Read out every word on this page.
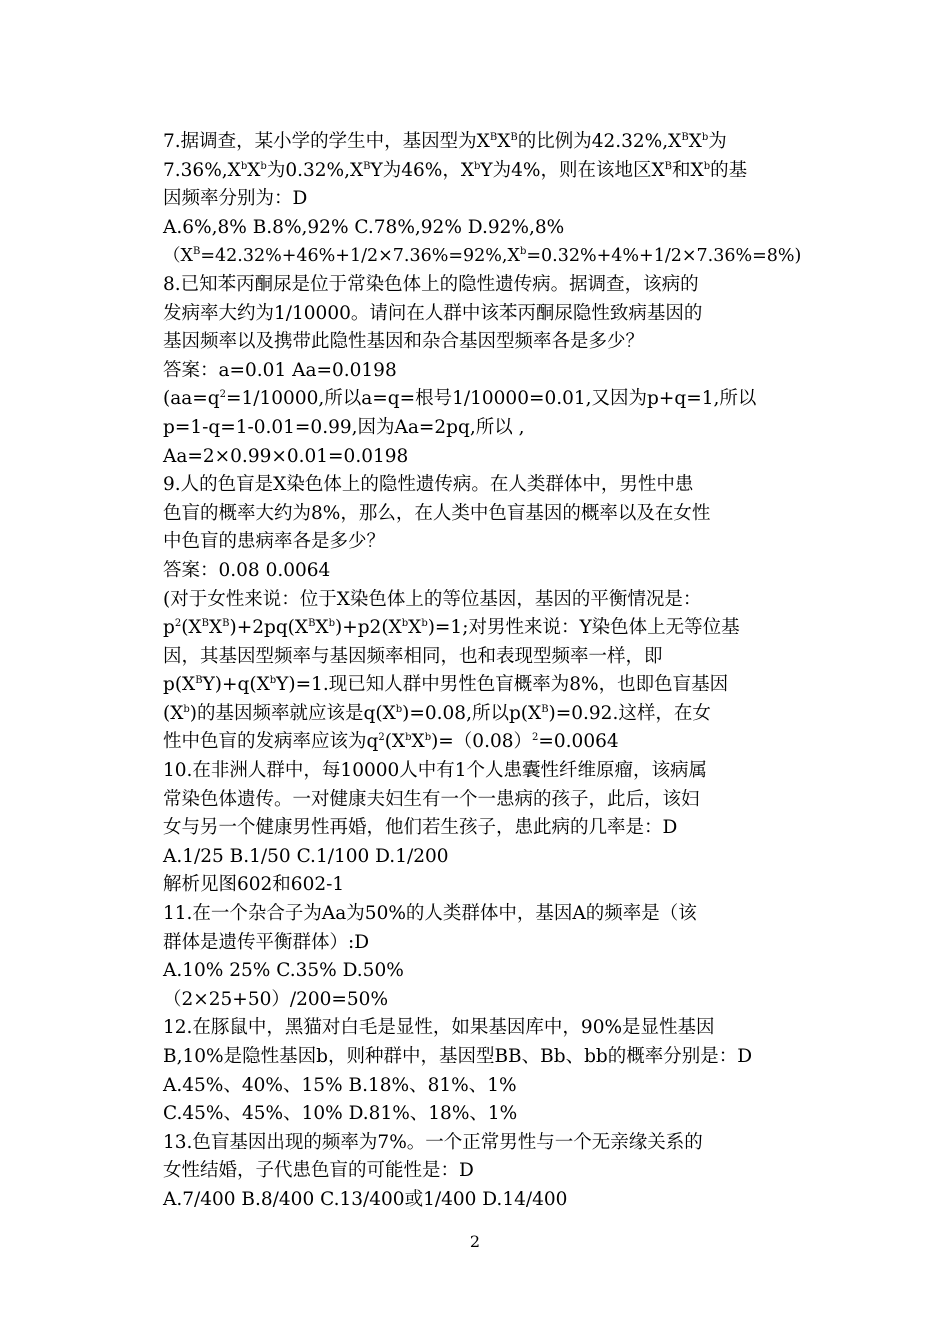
7.据调查，某小学的学生中，基因型为$X^BX^B$的比例为$42.32\%,X^BX^b$为
$7.36\%,X^bX^b$为$0.32\%,X^BY$为46%，$X^bY$为4%，则在该地区$X^B$和$X^b$的基
因频率分别为：D
A.6%,8% B.8%,92% C.78%,92% D.92%,8%
$(X^B=42.32\%+46\%+1/2\times 7.36\%=92\%,X^b=0.32\%+4\%+1/2\times 7.36\%=8\%)$
8.已知苯丙酮尿是位于常染色体上的隐性遗传病。据调查，该病的
发病率大约为1/10000。请问在人群中该苯丙酮尿隐性致病基因的
基因频率以及携带此隐性基因和杂合基因型频率各是多少？
答案：a=0.01 Aa=0.0198
($aa=q^2=1/10000$,所以a=q=根号1/10000=0.01,又因为p+q=1,所以
p=1-q=1-0.01=0.99,因为Aa=2pq,所以 ,
Aa=2×0.99×0.01=0.0198
9.人的色盲是X染色体上的隐性遗传病。在人类群体中，男性中患
色盲的概率大约为8%，那么，在人类中色盲基因的概率以及在女性
中色盲的患病率各是多少？
答案：0.08 0.0064
(对于女性来说：位于X染色体上的等位基因，基因的平衡情况是：
$p^2(X^BX^B)+2pq(X^BX^b)+p2(X^bX^b)=1$;对男性来说：Y染色体上无等位基
因，其基因型频率与基因频率相同，也和表现型频率一样，即
$p(X^BY)+q(X^bY)=1$.现已知人群中男性色盲概率为8%，也即色盲基因
$(X^b)$的基因频率就应该是$q(X^b)=0.08$,所以$p(X^B)=0.92$.这样，在女
性中色盲的发病率应该为$q^2(X^bX^b)=(0.08)^2=0.0064$
10.在非洲人群中，每10000人中有1个人患囊性纤维原瘤，该病属
常染色体遗传。一对健康夫妇生有一个一患病的孩子，此后，该妇
女与另一个健康男性再婚，他们若生孩子，患此病的几率是：D
A.1/25 B.1/50 C.1/100 D.1/200
解析见图602和602-1
11.在一个杂合子为Aa为50%的人类群体中，基因A的频率是（该
群体是遗传平衡群体）:D
A.10% 25% C.35% D.50%
（2×25+50）/200=50%
12.在豚鼠中，黑猫对白毛是显性，如果基因库中，90%是显性基因
B,10%是隐性基因b，则种群中，基因型BB、Bb、bb的概率分别是：D
A.45%、40%、15% B.18%、81%、1%
C.45%、45%、10% D.81%、18%、1%
13.色盲基因出现的频率为7%。一个正常男性与一个无亲缘关系的
女性结婚，子代患色盲的可能性是：D
A.7/400 B.8/400 C.13/400或1/400 D.14/400
2
